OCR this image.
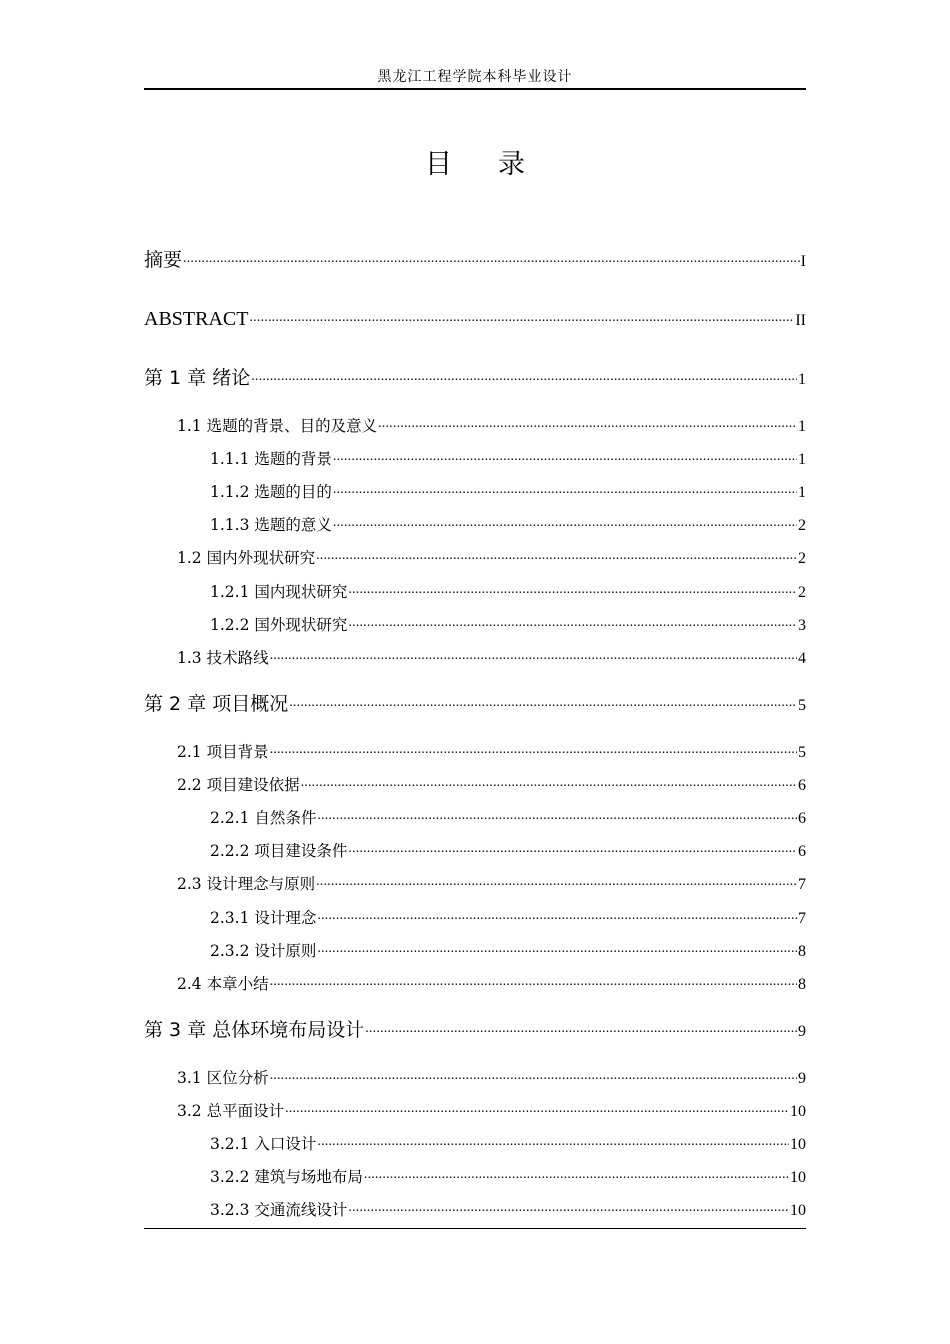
黑龙江工程学院本科毕业设计
目 录
摘要 .....	I
ABSTRACT .....	II
第 1 章 绪论 .....	1
1.1 选题的背景、目的及意义 .....	1
1.1.1 选题的背景 .....	1
1.1.2 选题的目的 .....	1
1.1.3 选题的意义 .....	2
1.2 国内外现状研究 .....	2
1.2.1 国内现状研究 .....	2
1.2.2 国外现状研究 .....	3
1.3 技术路线 .....	4
第 2 章 项目概况 .....	5
2.1 项目背景 .....	5
2.2 项目建设依据 .....	6
2.2.1 自然条件 .....	6
2.2.2 项目建设条件 .....	6
2.3 设计理念与原则 .....	7
2.3.1 设计理念 .....	7
2.3.2 设计原则 .....	8
2.4 本章小结 .....	8
第 3 章 总体环境布局设计 .....	9
3.1 区位分析 .....	9
3.2 总平面设计 .....	10
3.2.1 入口设计 .....	10
3.2.2 建筑与场地布局 .....	10
3.2.3 交通流线设计 .....	10
